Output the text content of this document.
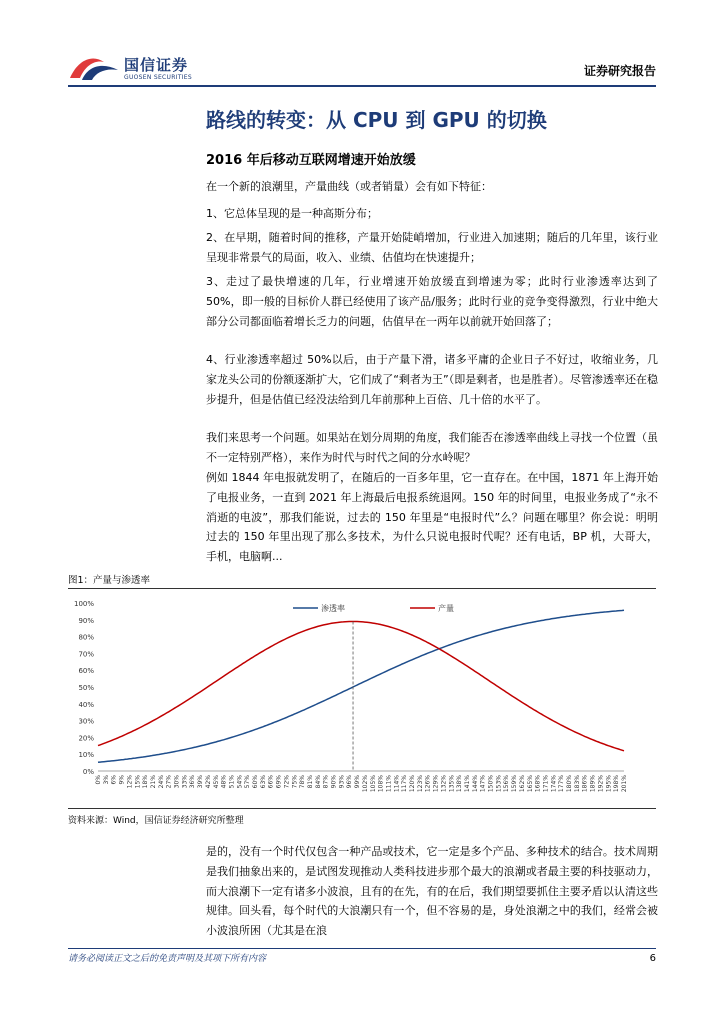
国信证券
GUOSEN SECURITIES	证券研究报告
路线的转变：从 CPU 到 GPU 的切换
2016 年后移动互联网增速开始放缓
在一个新的浪潮里，产量曲线（或者销量）会有如下特征：
1、它总体呈现的是一种高斯分布；
2、在早期，随着时间的推移，产量开始陡峭增加，行业进入加速期；随后的几年里，该行业呈现非常景气的局面，收入、业绩、估值均在快速提升；
3、走过了最快增速的几年，行业增速开始放缓直到增速为零；此时行业渗透率达到了 50%，即一般的目标价人群已经使用了该产品/服务；此时行业的竞争变得激烈，行业中绝大部分公司都面临着增长乏力的问题，估值早在一两年以前就开始回落了；
4、行业渗透率超过 50%以后，由于产量下滑，诸多平庸的企业日子不好过，收缩业务，几家龙头公司的份额逐渐扩大，它们成了“剩者为王”（即是剩者，也是胜者）。尽管渗透率还在稳步提升，但是估值已经没法给到几年前那种上百倍、几十倍的水平了。
我们来思考一个问题。如果站在划分周期的角度，我们能否在渗透率曲线上寻找一个位置（虽不一定特别严格），来作为时代与时代之间的分水岭呢？
例如 1844 年电报就发明了，在随后的一百多年里，它一直存在。在中国，1871 年上海开始了电报业务，一直到 2021 年上海最后电报系统退网。150 年的时间里，电报业务成了“永不消逝的电波”，那我们能说，过去的 150 年里是“电报时代”么？问题在哪里？你会说：明明过去的 150 年里出现了那么多技术，为什么只说电报时代呢？还有电话，BP 机，大哥大，手机，电脑啊...
图1：产量与渗透率
0%
10%
20%
30%
40%
50%
60%
70%
80%
90%
100%
0% 3% 6% 9% 12% 15% 18% 21% 24% 27% 30% 33% 36% 39% 42% 45% 48% 51% 54% 57% 60% 63% 66% 69% 72% 75% 78% 81% 84% 87% 90% 93% 96% 99% 102% 105% 108% 111% 114% 117% 120% 123% 126% 129% 132% 135% 138% 141% 144% 147% 150% 153% 156% 159% 162% 165% 168% 171% 174% 177% 180% 183% 186% 189% 192% 195% 198% 201%
渗透率	产量
资料来源：Wind，国信证券经济研究所整理
是的，没有一个时代仅包含一种产品或技术，它一定是多个产品、多种技术的结合。技术周期是我们抽象出来的，是试图发现推动人类科技进步那个最大的浪潮或者最主要的科技驱动力，而大浪潮下一定有诸多小波浪，且有的在先，有的在后，我们期望要抓住主要矛盾以认清这些规律。回头看，每个时代的大浪潮只有一个，但不容易的是，身处浪潮之中的我们，经常会被小波浪所困（尤其是在浪
请务必阅读正文之后的免责声明及其项下所有内容	6
